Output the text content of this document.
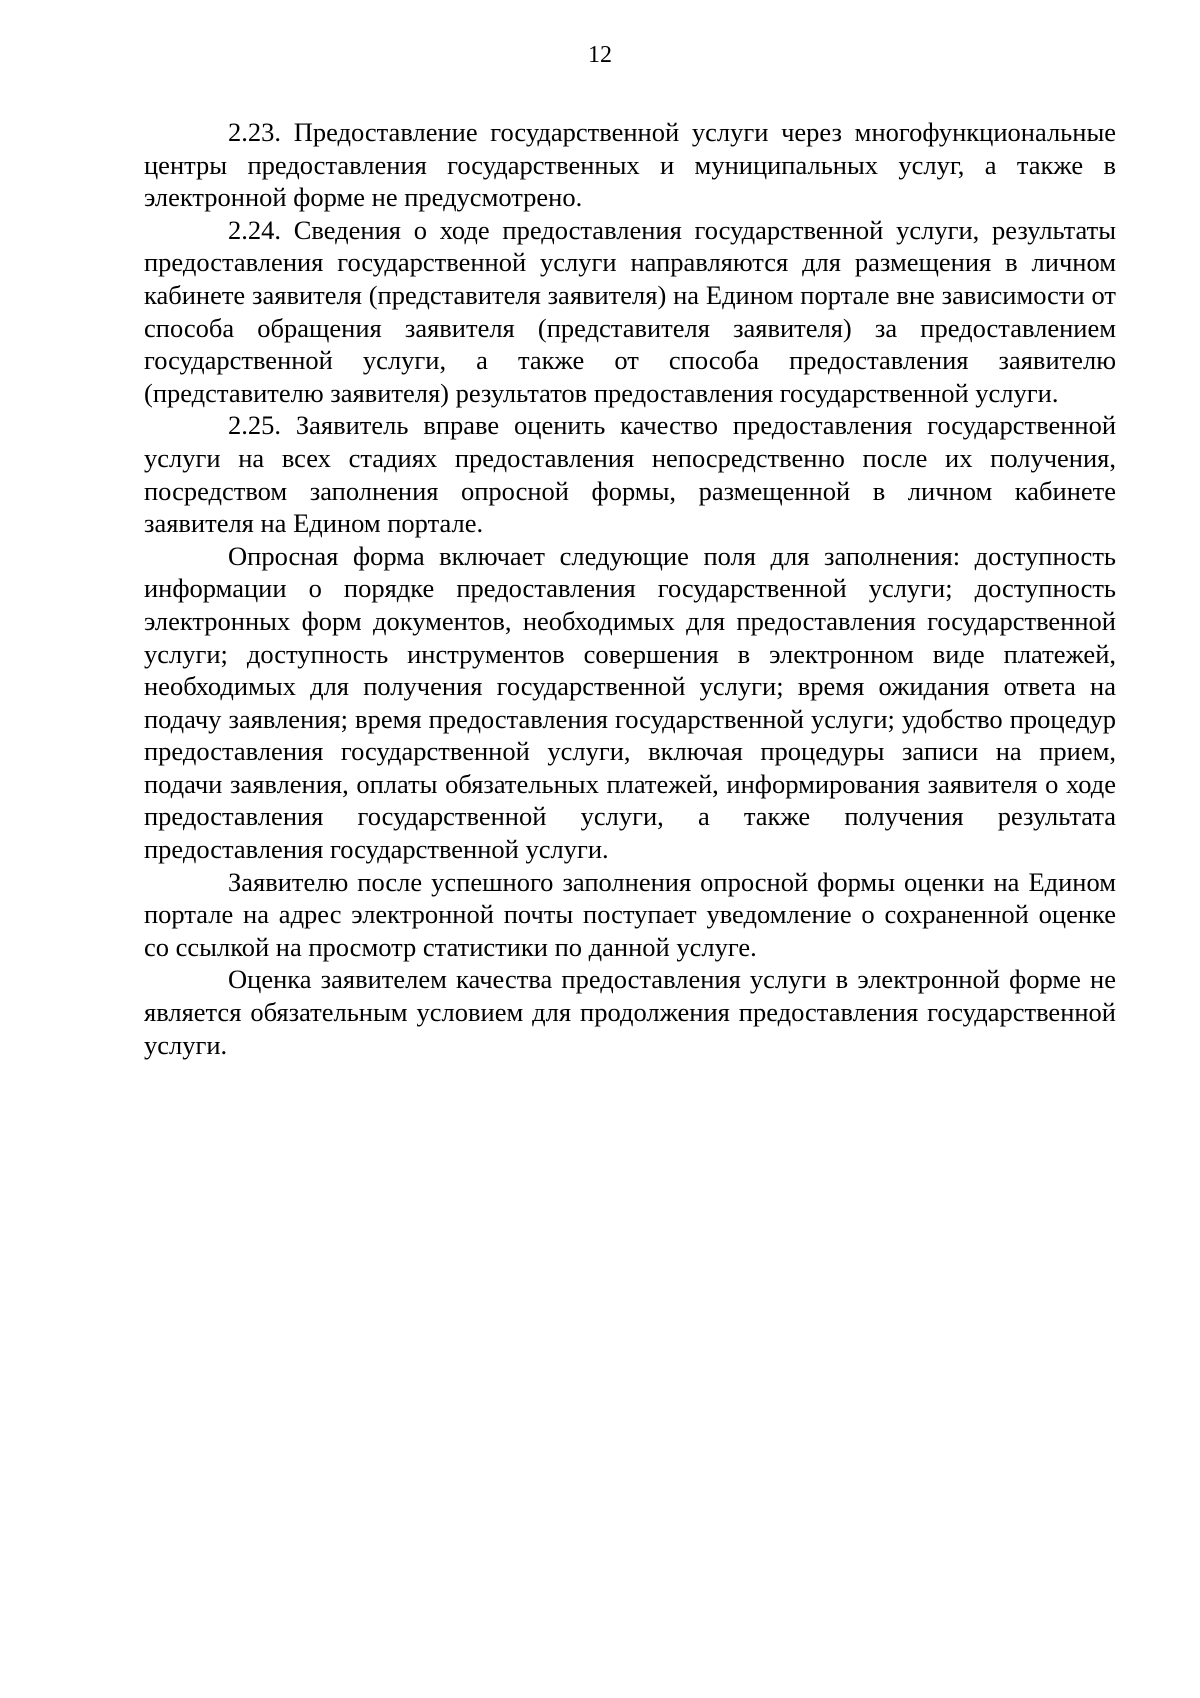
12

2.23. Предоставление государственной услуги через многофункциональные центры предоставления государственных и муниципальных услуг, а также в электронной форме не предусмотрено.

2.24. Сведения о ходе предоставления государственной услуги, результаты предоставления государственной услуги направляются для размещения в личном кабинете заявителя (представителя заявителя) на Едином портале вне зависимости от способа обращения заявителя (представителя заявителя) за предоставлением государственной услуги, а также от способа предоставления заявителю (представителю заявителя) результатов предоставления государственной услуги.

2.25. Заявитель вправе оценить качество предоставления государственной услуги на всех стадиях предоставления непосредственно после их получения, посредством заполнения опросной формы, размещенной в личном кабинете заявителя на Едином портале.

Опросная форма включает следующие поля для заполнения: доступность информации о порядке предоставления государственной услуги; доступность электронных форм документов, необходимых для предоставления государственной услуги; доступность инструментов совершения в электронном виде платежей, необходимых для получения государственной услуги; время ожидания ответа на подачу заявления; время предоставления государственной услуги; удобство процедур предоставления государственной услуги, включая процедуры записи на прием, подачи заявления, оплаты обязательных платежей, информирования заявителя о ходе предоставления государственной услуги, а также получения результата предоставления государственной услуги.

Заявителю после успешного заполнения опросной формы оценки на Едином портале на адрес электронной почты поступает уведомление о сохраненной оценке со ссылкой на просмотр статистики по данной услуге.

Оценка заявителем качества предоставления услуги в электронной форме не является обязательным условием для продолжения предоставления государственной услуги.
